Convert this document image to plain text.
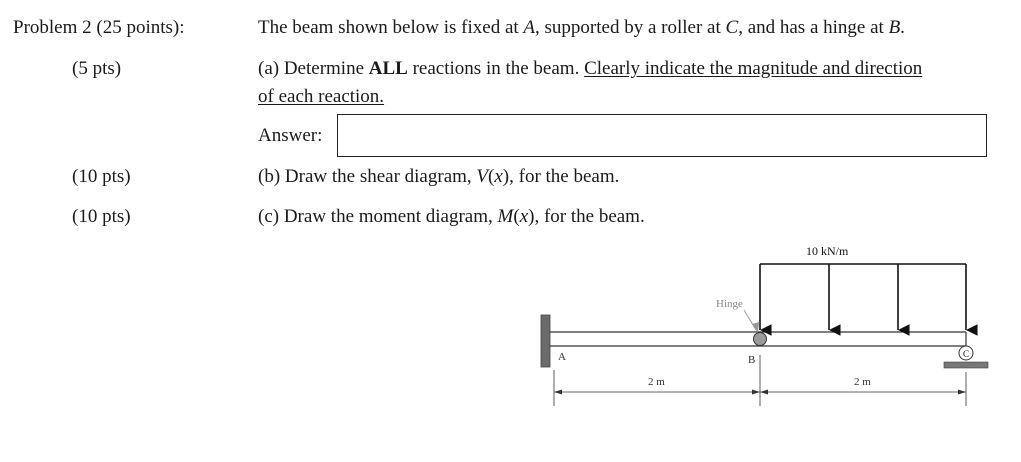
Problem 2 (25 points):	The beam shown below is fixed at A, supported by a roller at C, and has a hinge at B.
(5 pts)	(a) Determine ALL reactions in the beam. Clearly indicate the magnitude and direction
of each reaction.
Answer:
(10 pts)	(b) Draw the shear diagram, V(x), for the beam.
(10 pts)	(c) Draw the moment diagram, M(x), for the beam.
10 kN/m
Hinge
A	B	C
2 m	2 m
